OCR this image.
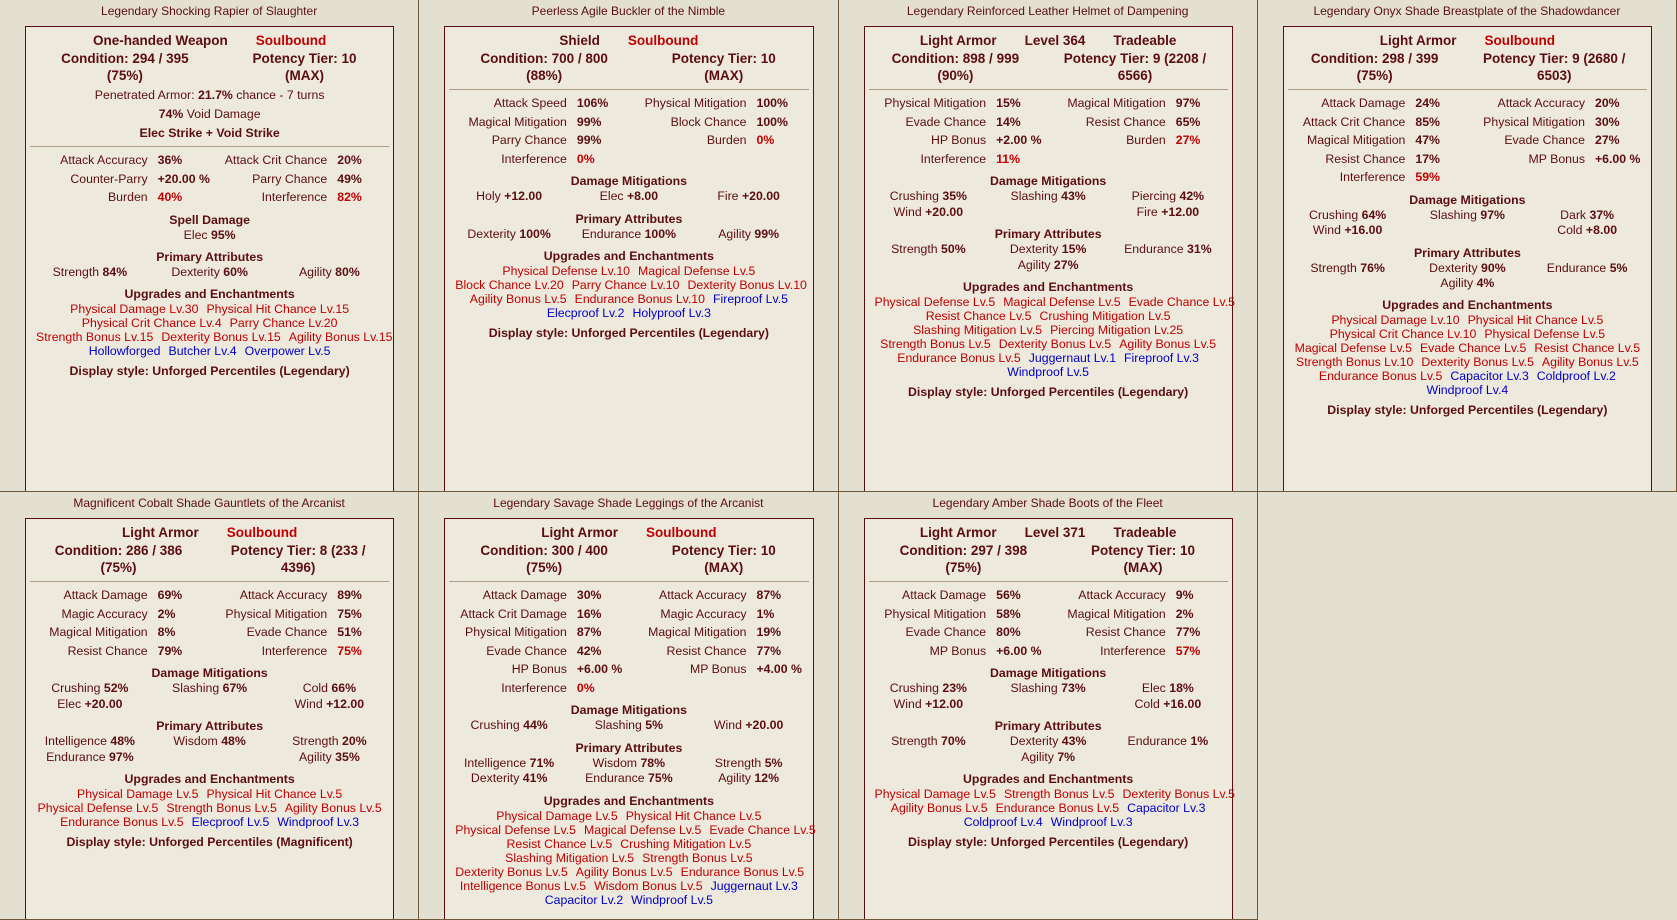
Legendary Shocking Rapier of Slaughter
One-handed Weapon	Soulbound
Condition: 294 / 395 (75%)
Potency Tier: 10 (MAX)
Penetrated Armor: 21.7% chance - 7 turns
74% Void Damage
Elec Strike + Void Strike
Attack Accuracy 36%	Attack Crit Chance 20%
Counter-Parry +20.00 %	Parry Chance 49%
Burden 40%	Interference 82%
Spell Damage
Elec 95%
Primary Attributes
Strength 84%	Dexterity 60%	Agility 80%
Upgrades and Enchantments
Physical Damage Lv.30 Physical Hit Chance Lv.15
Physical Crit Chance Lv.4 Parry Chance Lv.20
Strength Bonus Lv.15 Dexterity Bonus Lv.15 Agility Bonus Lv.15
Hollowforged Butcher Lv.4 Overpower Lv.5
Display style: Unforged Percentiles (Legendary)
Peerless Agile Buckler of the Nimble
Shield	Soulbound
Condition: 700 / 800 (88%)
Potency Tier: 10 (MAX)
Attack Speed 106%	Physical Mitigation 100%
Magical Mitigation 99%	Block Chance 100%
Parry Chance 99%	Burden 0%
Interference 0%
Damage Mitigations
Holy +12.00	Elec +8.00	Fire +20.00
Primary Attributes
Dexterity 100%	Endurance 100%	Agility 99%
Upgrades and Enchantments
Physical Defense Lv.10 Magical Defense Lv.5
Block Chance Lv.20 Parry Chance Lv.10 Dexterity Bonus Lv.10
Agility Bonus Lv.5 Endurance Bonus Lv.10 Fireproof Lv.5
Elecproof Lv.2 Holyproof Lv.3
Display style: Unforged Percentiles (Legendary)
Legendary Reinforced Leather Helmet of Dampening
Light Armor	Level 364	Tradeable
Condition: 898 / 999 (90%)
Potency Tier: 9 (2208 / 6566)
Physical Mitigation 15%	Magical Mitigation 97%
Evade Chance 14%	Resist Chance 65%
HP Bonus +2.00 %	Burden 27%
Interference 11%
Damage Mitigations
Crushing 35%	Slashing 43%	Piercing 42%
Wind +20.00	Fire +12.00
Primary Attributes
Strength 50%	Dexterity 15%	Endurance 31%
Agility 27%
Upgrades and Enchantments
Physical Defense Lv.5 Magical Defense Lv.5 Evade Chance Lv.5
Resist Chance Lv.5 Crushing Mitigation Lv.5
Slashing Mitigation Lv.5 Piercing Mitigation Lv.25
Strength Bonus Lv.5 Dexterity Bonus Lv.5 Agility Bonus Lv.5
Endurance Bonus Lv.5 Juggernaut Lv.1 Fireproof Lv.3
Windproof Lv.5
Display style: Unforged Percentiles (Legendary)
Legendary Onyx Shade Breastplate of the Shadowdancer
Light Armor	Soulbound
Condition: 298 / 399 (75%)
Potency Tier: 9 (2680 / 6503)
Attack Damage 24%	Attack Accuracy 20%
Attack Crit Chance 85%	Physical Mitigation 30%
Magical Mitigation 47%	Evade Chance 27%
Resist Chance 17%	MP Bonus +6.00 %
Interference 59%
Damage Mitigations
Crushing 64%	Slashing 97%	Dark 37%
Wind +16.00	Cold +8.00
Primary Attributes
Strength 76%	Dexterity 90%	Endurance 5%
Agility 4%
Upgrades and Enchantments
Physical Damage Lv.10 Physical Hit Chance Lv.5
Physical Crit Chance Lv.10 Physical Defense Lv.5
Magical Defense Lv.5 Evade Chance Lv.5 Resist Chance Lv.5
Strength Bonus Lv.10 Dexterity Bonus Lv.5 Agility Bonus Lv.5
Endurance Bonus Lv.5 Capacitor Lv.3 Coldproof Lv.2
Windproof Lv.4
Display style: Unforged Percentiles (Legendary)
Magnificent Cobalt Shade Gauntlets of the Arcanist
Light Armor	Soulbound
Condition: 286 / 386 (75%)
Potency Tier: 8 (233 / 4396)
Attack Damage 69%	Attack Accuracy 89%
Magic Accuracy 2%	Physical Mitigation 75%
Magical Mitigation 8%	Evade Chance 51%
Resist Chance 79%	Interference 75%
Damage Mitigations
Crushing 52%	Slashing 67%	Cold 66%
Elec +20.00	Wind +12.00
Primary Attributes
Intelligence 48%	Wisdom 48%	Strength 20%
Endurance 97%	Agility 35%
Upgrades and Enchantments
Physical Damage Lv.5 Physical Hit Chance Lv.5
Physical Defense Lv.5 Strength Bonus Lv.5 Agility Bonus Lv.5
Endurance Bonus Lv.5 Elecproof Lv.5 Windproof Lv.3
Display style: Unforged Percentiles (Magnificent)
Legendary Savage Shade Leggings of the Arcanist
Light Armor	Soulbound
Condition: 300 / 400 (75%)
Potency Tier: 10 (MAX)
Attack Damage 30%	Attack Accuracy 87%
Attack Crit Damage 16%	Magic Accuracy 1%
Physical Mitigation 87%	Magical Mitigation 19%
Evade Chance 42%	Resist Chance 77%
HP Bonus +6.00 %	MP Bonus +4.00 %
Interference 0%
Damage Mitigations
Crushing 44%	Slashing 5%	Wind +20.00
Primary Attributes
Intelligence 71%	Wisdom 78%	Strength 5%
Dexterity 41%	Endurance 75%	Agility 12%
Upgrades and Enchantments
Physical Damage Lv.5 Physical Hit Chance Lv.5
Physical Defense Lv.5 Magical Defense Lv.5 Evade Chance Lv.5
Resist Chance Lv.5 Crushing Mitigation Lv.5
Slashing Mitigation Lv.5 Strength Bonus Lv.5
Dexterity Bonus Lv.5 Agility Bonus Lv.5 Endurance Bonus Lv.5
Intelligence Bonus Lv.5 Wisdom Bonus Lv.5 Juggernaut Lv.3
Capacitor Lv.2 Windproof Lv.5
Legendary Amber Shade Boots of the Fleet
Light Armor	Level 371	Tradeable
Condition: 297 / 398 (75%)
Potency Tier: 10 (MAX)
Attack Damage 56%	Attack Accuracy 9%
Physical Mitigation 58%	Magical Mitigation 2%
Evade Chance 80%	Resist Chance 77%
MP Bonus +6.00 %	Interference 57%
Damage Mitigations
Crushing 23%	Slashing 73%	Elec 18%
Wind +12.00	Cold +16.00
Primary Attributes
Strength 70%	Dexterity 43%	Endurance 1%
Agility 7%
Upgrades and Enchantments
Physical Damage Lv.5 Strength Bonus Lv.5 Dexterity Bonus Lv.5
Agility Bonus Lv.5 Endurance Bonus Lv.5 Capacitor Lv.3
Coldproof Lv.4 Windproof Lv.3
Display style: Unforged Percentiles (Legendary)
